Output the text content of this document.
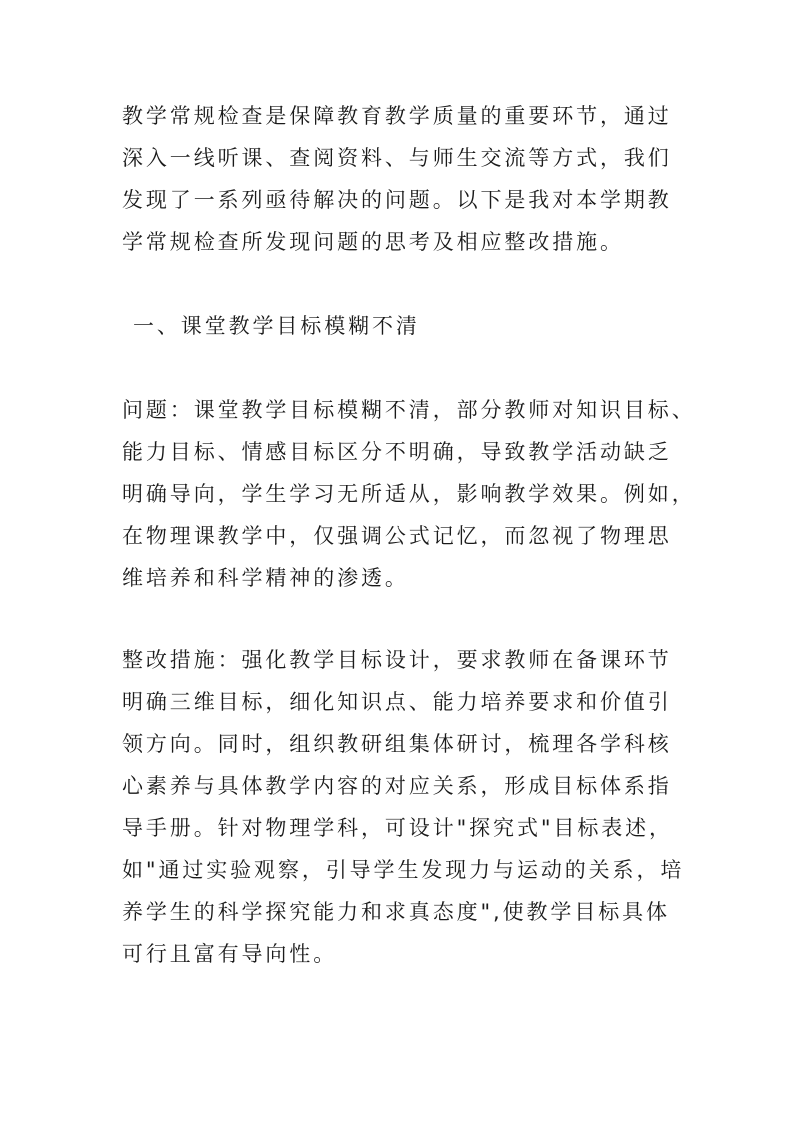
教学常规检查是保障教育教学质量的重要环节，通过
深入一线听课、查阅资料、与师生交流等方式，我们
发现了一系列亟待解决的问题。以下是我对本学期教
学常规检查所发现问题的思考及相应整改措施。
一、课堂教学目标模糊不清
问题：课堂教学目标模糊不清，部分教师对知识目标、
能力目标、情感目标区分不明确，导致教学活动缺乏
明确导向，学生学习无所适从，影响教学效果。例如，
在物理课教学中，仅强调公式记忆，而忽视了物理思
维培养和科学精神的渗透。
整改措施：强化教学目标设计，要求教师在备课环节
明确三维目标，细化知识点、能力培养要求和价值引
领方向。同时，组织教研组集体研讨，梳理各学科核
心素养与具体教学内容的对应关系，形成目标体系指
导手册。针对物理学科，可设计"探究式"目标表述，
如"通过实验观察，引导学生发现力与运动的关系，培
养学生的科学探究能力和求真态度",使教学目标具体
可行且富有导向性。
